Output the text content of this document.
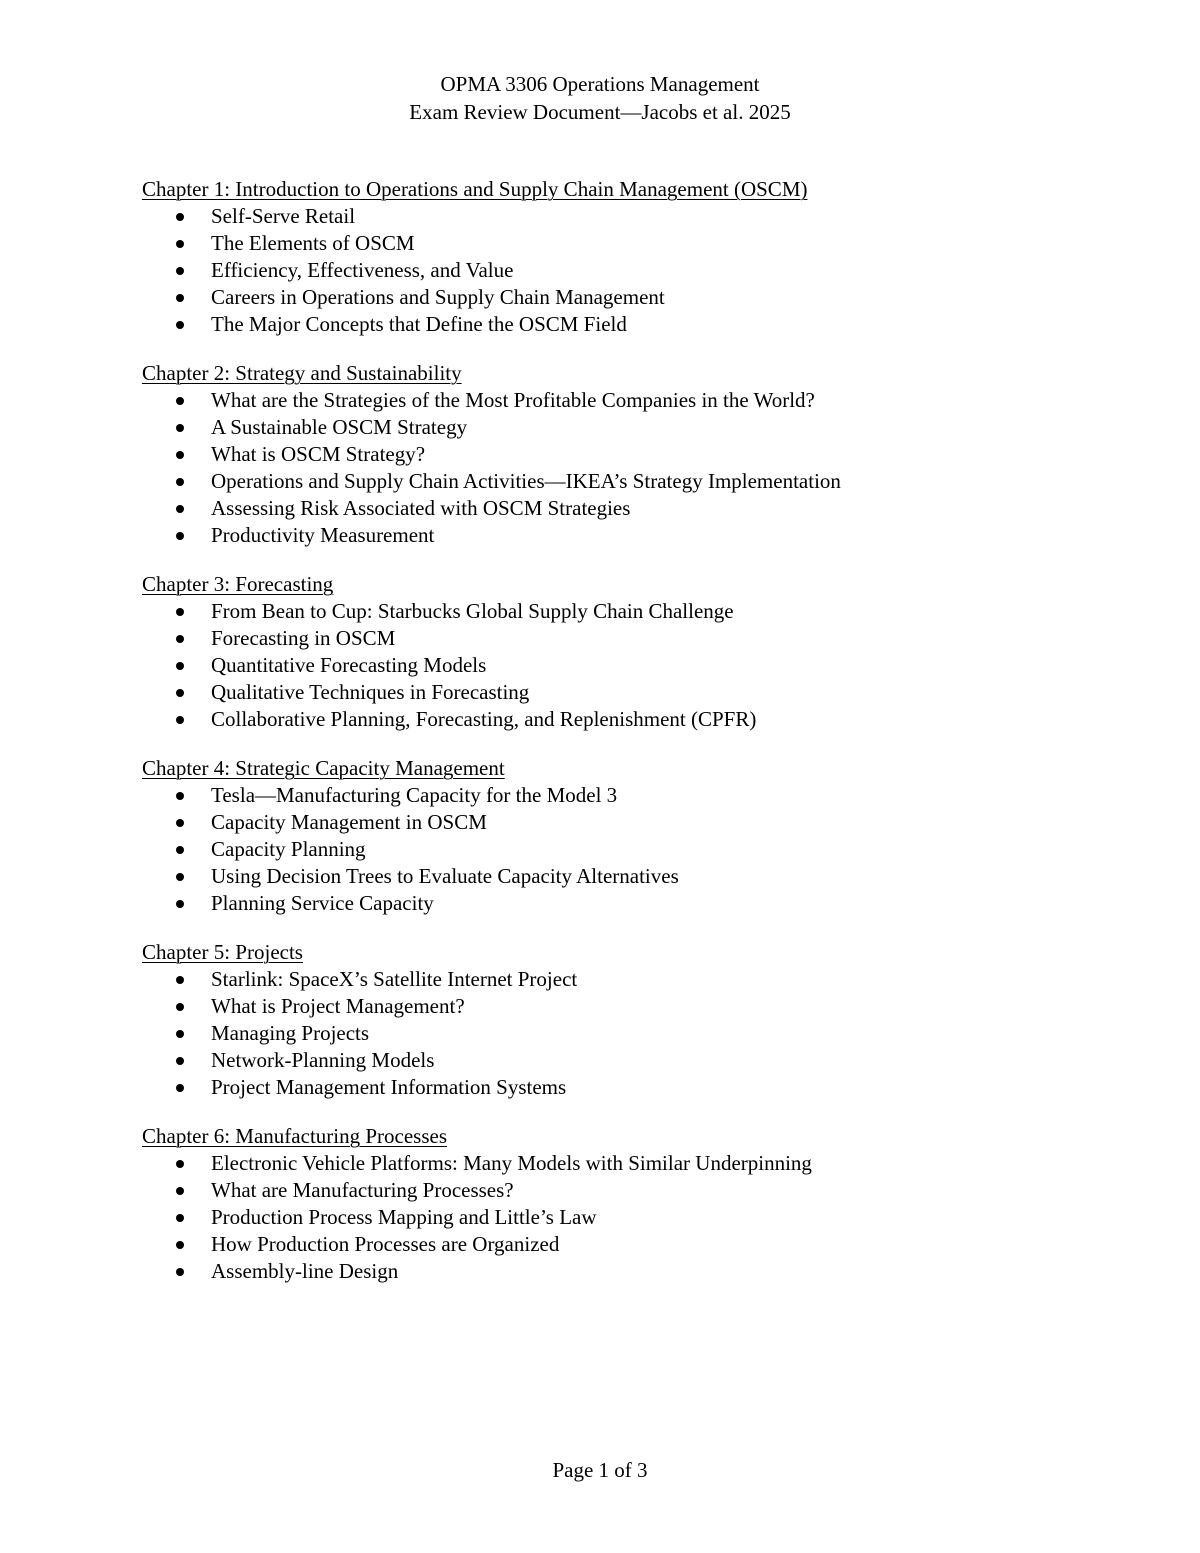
OPMA 3306 Operations Management
Exam Review Document—Jacobs et al. 2025
Chapter 1: Introduction to Operations and Supply Chain Management (OSCM)
Self-Serve Retail
The Elements of OSCM
Efficiency, Effectiveness, and Value
Careers in Operations and Supply Chain Management
The Major Concepts that Define the OSCM Field
Chapter 2: Strategy and Sustainability
What are the Strategies of the Most Profitable Companies in the World?
A Sustainable OSCM Strategy
What is OSCM Strategy?
Operations and Supply Chain Activities—IKEA’s Strategy Implementation
Assessing Risk Associated with OSCM Strategies
Productivity Measurement
Chapter 3: Forecasting
From Bean to Cup: Starbucks Global Supply Chain Challenge
Forecasting in OSCM
Quantitative Forecasting Models
Qualitative Techniques in Forecasting
Collaborative Planning, Forecasting, and Replenishment (CPFR)
Chapter 4: Strategic Capacity Management
Tesla—Manufacturing Capacity for the Model 3
Capacity Management in OSCM
Capacity Planning
Using Decision Trees to Evaluate Capacity Alternatives
Planning Service Capacity
Chapter 5: Projects
Starlink: SpaceX’s Satellite Internet Project
What is Project Management?
Managing Projects
Network-Planning Models
Project Management Information Systems
Chapter 6: Manufacturing Processes
Electronic Vehicle Platforms: Many Models with Similar Underpinning
What are Manufacturing Processes?
Production Process Mapping and Little’s Law
How Production Processes are Organized
Assembly-line Design
Page 1 of 3
